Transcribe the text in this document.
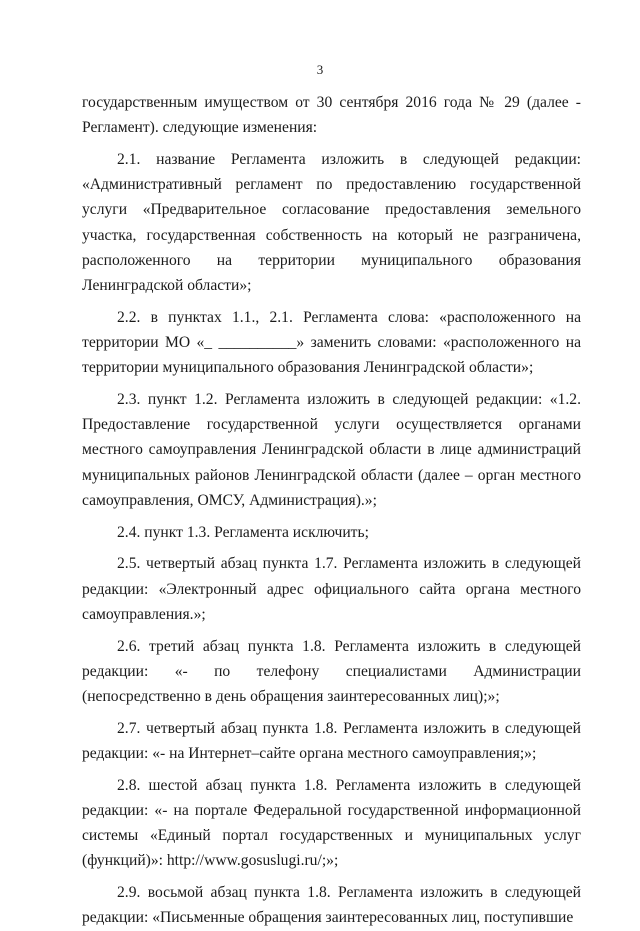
3

государственным имуществом от 30 сентября 2016 года № 29 (далее - Регламент). следующие изменения:

2.1. название Регламента изложить в следующей редакции: «Административный регламент по предоставлению государственной услуги «Предварительное согласование предоставления земельного участка, государственная собственность на который не разграничена, расположенного на территории муниципального образования Ленинградской области»;

2.2. в пунктах 1.1., 2.1. Регламента слова: «расположенного на территории МО «_ __________» заменить словами: «расположенного на территории муниципального образования Ленинградской области»;

2.3. пункт 1.2. Регламента изложить в следующей редакции: «1.2. Предоставление государственной услуги осуществляется органами местного самоуправления Ленинградской области в лице администраций муниципальных районов Ленинградской области (далее – орган местного самоуправления, ОМСУ, Администрация).»;

2.4. пункт 1.3. Регламента исключить;

2.5. четвертый абзац пункта 1.7. Регламента изложить в следующей редакции: «Электронный адрес официального сайта органа местного самоуправления.»;

2.6. третий абзац пункта 1.8. Регламента изложить в следующей редакции: «- по телефону специалистами Администрации (непосредственно в день обращения заинтересованных лиц);»;

2.7. четвертый абзац пункта 1.8. Регламента изложить в следующей редакции: «- на Интернет–сайте органа местного самоуправления;»;

2.8. шестой абзац пункта 1.8. Регламента изложить в следующей редакции: «- на портале Федеральной государственной информационной системы «Единый портал государственных и муниципальных услуг (функций)»: http://www.gosuslugi.ru/;»;

2.9. восьмой абзац пункта 1.8. Регламента изложить в следующей редакции: «Письменные обращения заинтересованных лиц, поступившие
